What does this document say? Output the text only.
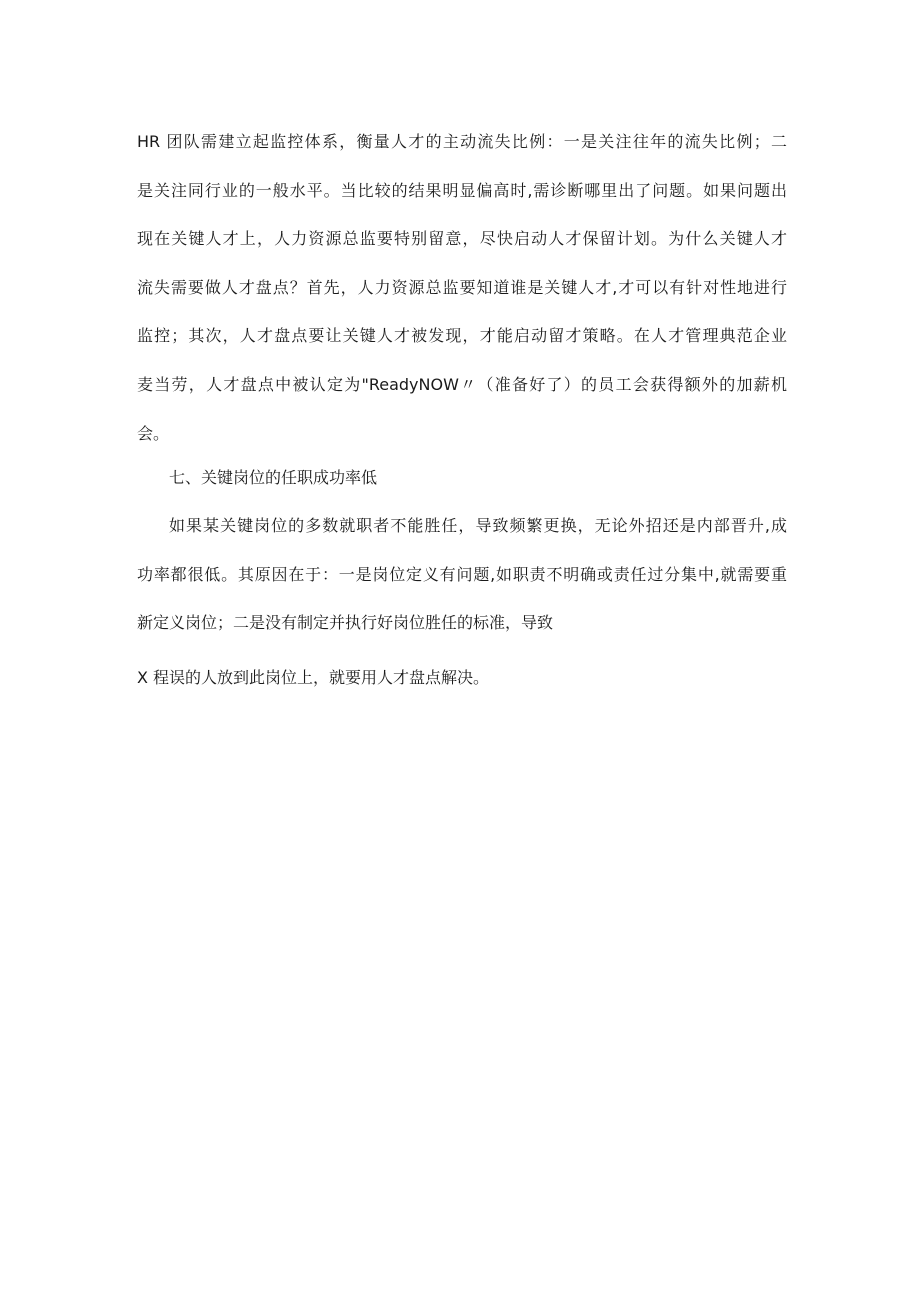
HR 团队需建立起监控体系，衡量人才的主动流失比例：一是关注往年的流失比例；二
是关注同行业的一般水平。当比较的结果明显偏高时,需诊断哪里出了问题。如果问题出
现在关键人才上，人力资源总监要特别留意，尽快启动人才保留计划。为什么关键人才
流失需要做人才盘点？首先，人力资源总监要知道谁是关键人才,才可以有针对性地进行
监控；其次，人才盘点要让关键人才被发现，才能启动留才策略。在人才管理典范企业
麦当劳，人才盘点中被认定为"ReadyNOW〃（准备好了）的员工会获得额外的加薪机
会。
七、关键岗位的任职成功率低
如果某关键岗位的多数就职者不能胜任，导致频繁更换，无论外招还是内部晋升,成
功率都很低。其原因在于：一是岗位定义有问题,如职责不明确或责任过分集中,就需要重
新定义岗位；二是没有制定并执行好岗位胜任的标准，导致
X 程误的人放到此岗位上，就要用人才盘点解决。
